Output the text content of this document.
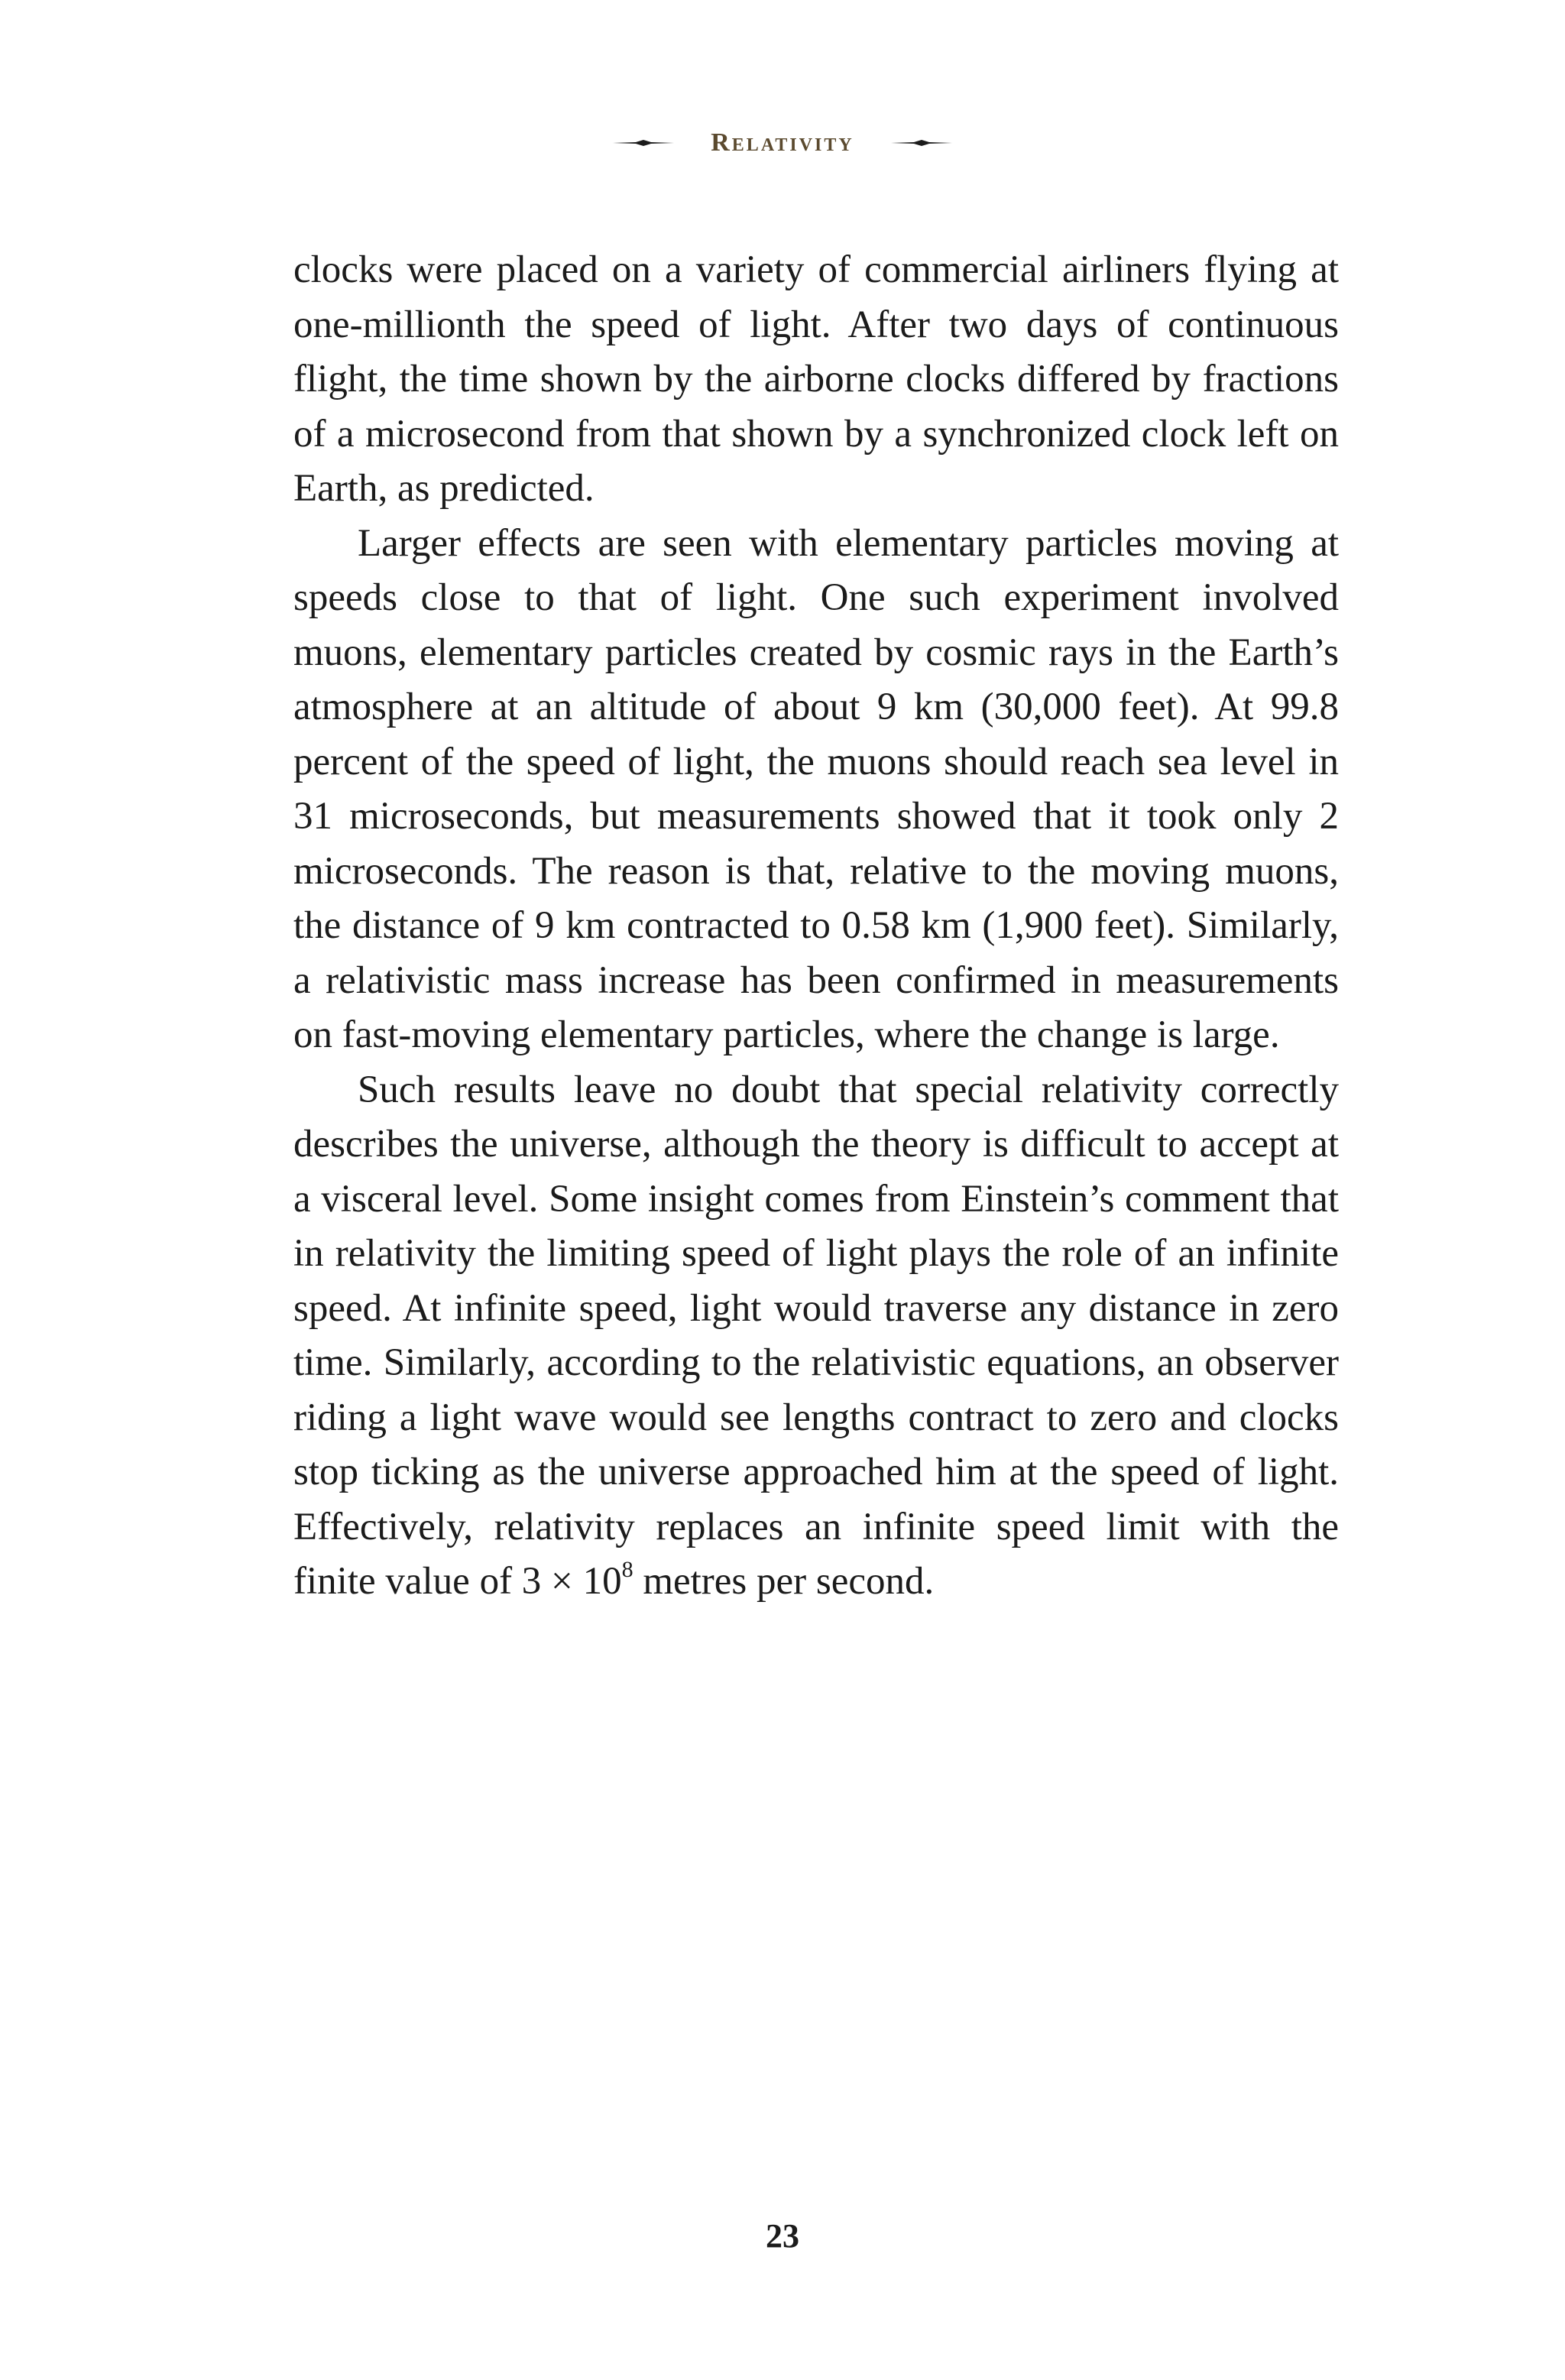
Relativity

clocks were placed on a variety of commercial airliners flying at one-millionth the speed of light. After two days of continuous flight, the time shown by the airborne clocks differed by fractions of a microsecond from that shown by a synchronized clock left on Earth, as predicted.

Larger effects are seen with elementary particles moving at speeds close to that of light. One such experiment involved muons, elementary particles created by cosmic rays in the Earth’s atmosphere at an altitude of about 9 km (30,000 feet). At 99.8 percent of the speed of light, the muons should reach sea level in 31 microseconds, but measurements showed that it took only 2 microseconds. The reason is that, relative to the moving muons, the distance of 9 km contracted to 0.58 km (1,900 feet). Similarly, a relativistic mass increase has been confirmed in measurements on fast-moving elementary particles, where the change is large.

Such results leave no doubt that special relativity correctly describes the universe, although the theory is difficult to accept at a visceral level. Some insight comes from Einstein’s comment that in relativity the limiting speed of light plays the role of an infinite speed. At infinite speed, light would traverse any distance in zero time. Similarly, according to the relativistic equations, an observer riding a light wave would see lengths contract to zero and clocks stop ticking as the universe approached him at the speed of light. Effectively, relativity replaces an infinite speed limit with the finite value of $3 \times 10^8$ metres per second.

23
